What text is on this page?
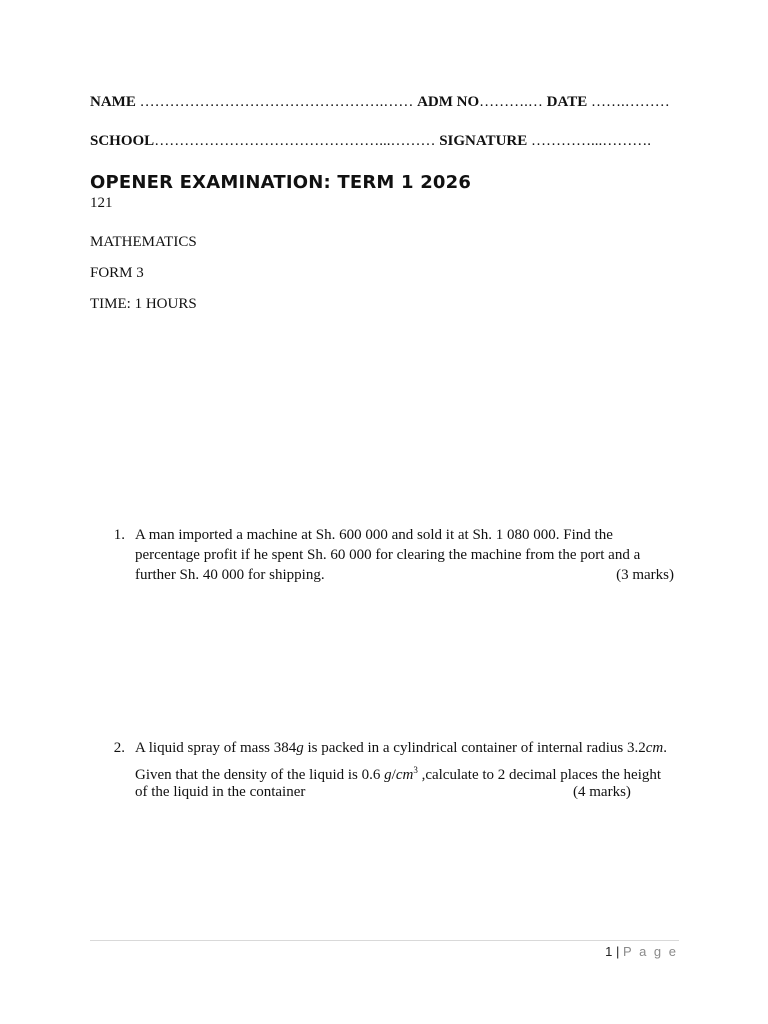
NAME ………………………………………….…… ADM NO……….… DATE …….………
SCHOOL………………………………………...……… SIGNATURE …………...……….
OPENER EXAMINATION: TERM 1 2026
121
MATHEMATICS
FORM 3
TIME: 1 HOURS
1. A man imported a machine at Sh. 600 000 and sold it at Sh. 1 080 000. Find the
percentage profit if he spent Sh. 60 000 for clearing the machine from the port and a
further Sh. 40 000 for shipping.	(3 marks)
2. A liquid spray of mass 384g is packed in a cylindrical container of internal radius 3.2cm.
Given that the density of the liquid is 0.6 $g/cm^3$ ,calculate to 2 decimal places the height
of the liquid in the container	(4 marks)
1 | P a g e
